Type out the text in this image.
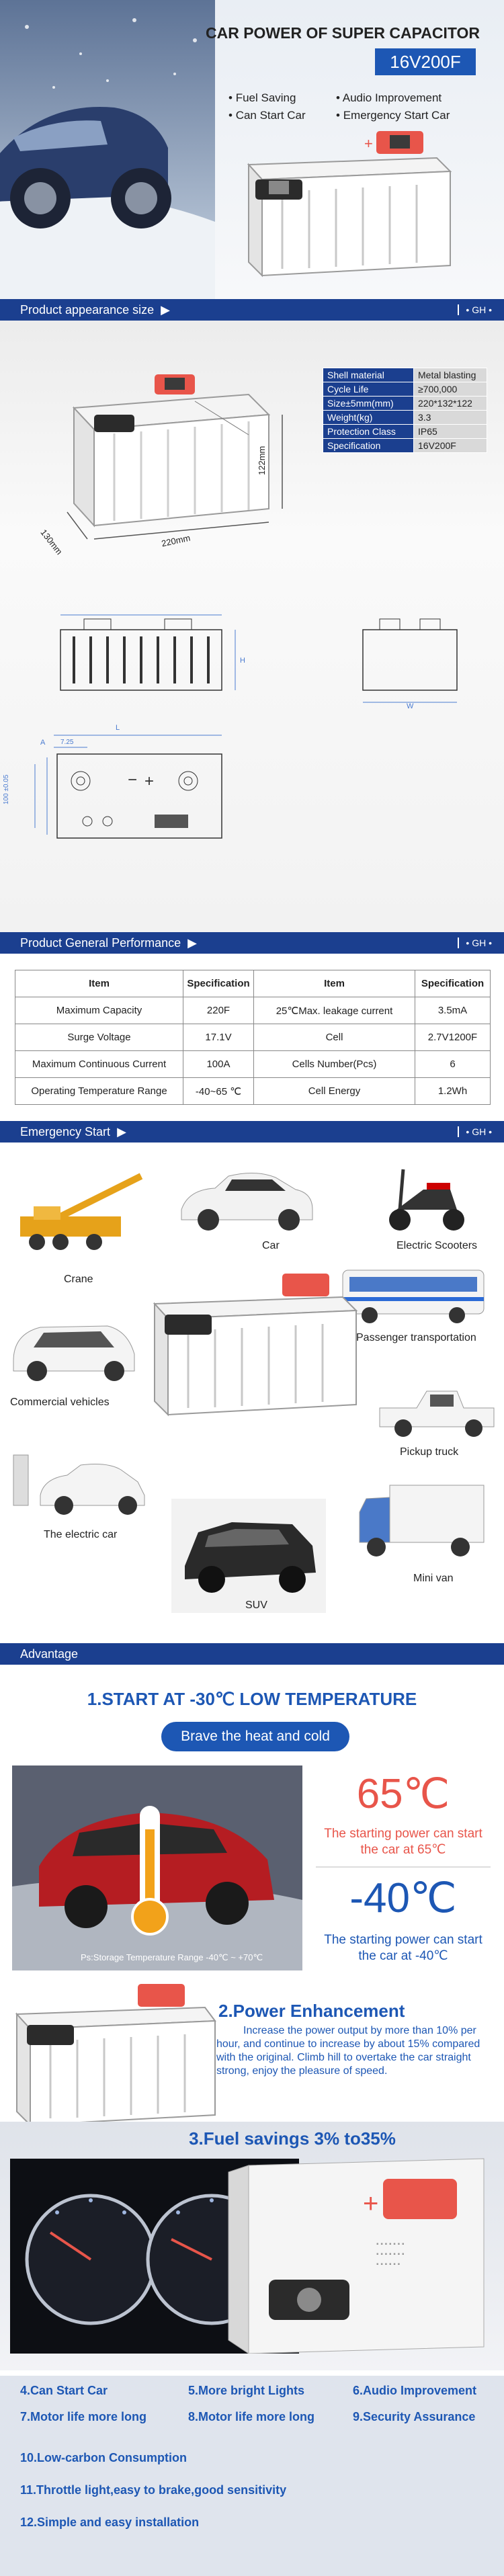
CAR POWER OF SUPER CAPACITOR
16V200F
• Fuel Saving	• Audio Improvement
• Can Start Car	• Emergency Start Car
+
Product appearance size ▶	• GH •
122mm
130mm	220mm
Shell material	Metal blasting
Cycle Life	≥700,000
Size±5mm(mm)	220*132*122
Weight(kg)	3.3
Protection Class	IP65
Specification	16V200F
H
W
+
−
L
A 7.25
100 ±0.05
Product General Performance ▶	• GH •
Item	Specification	Item	Specification
Maximum Capacity	220F	25℃Max. leakage current	3.5mA
Surge Voltage	17.1V	Cell	2.7V1200F
Maximum Continuous Current	100A	Cells Number(Pcs)	6
Operating Temperature Range	-40~65 ℃	Cell Energy	1.2Wh
Emergency Start ▶	• GH •
Crane
Car	Electric Scooters
Passenger transportation
Commercial vehicles
Pickup truck
The electric car
SUV
Mini van
Advantage
1.START AT -30℃ LOW TEMPERATURE
Brave the heat and cold
Ps:Storage Temperature Range -40℃ ~ +70℃
65℃
The starting power can start the car at 65℃
-40℃
The starting power can start the car at -40℃
2.Power Enhancement
Increase the power output by more than 10% per hour, and continue to increase by about 15% compared with the original. Climb hill to overtake the car straight strong, enjoy the pleasure of speed.
3.Fuel savings 3% to35%
+
▪ ▪ ▪ ▪ ▪ ▪ ▪
▪ ▪ ▪ ▪ ▪ ▪ ▪
▪ ▪ ▪ ▪ ▪ ▪
4.Can Start Car	5.More bright Lights	6.Audio Improvement
7.Motor life more long	8.Motor life more long	9.Security Assurance
10.Low-carbon Consumption
11.Throttle light,easy to brake,good sensitivity
12.Simple and easy installation
